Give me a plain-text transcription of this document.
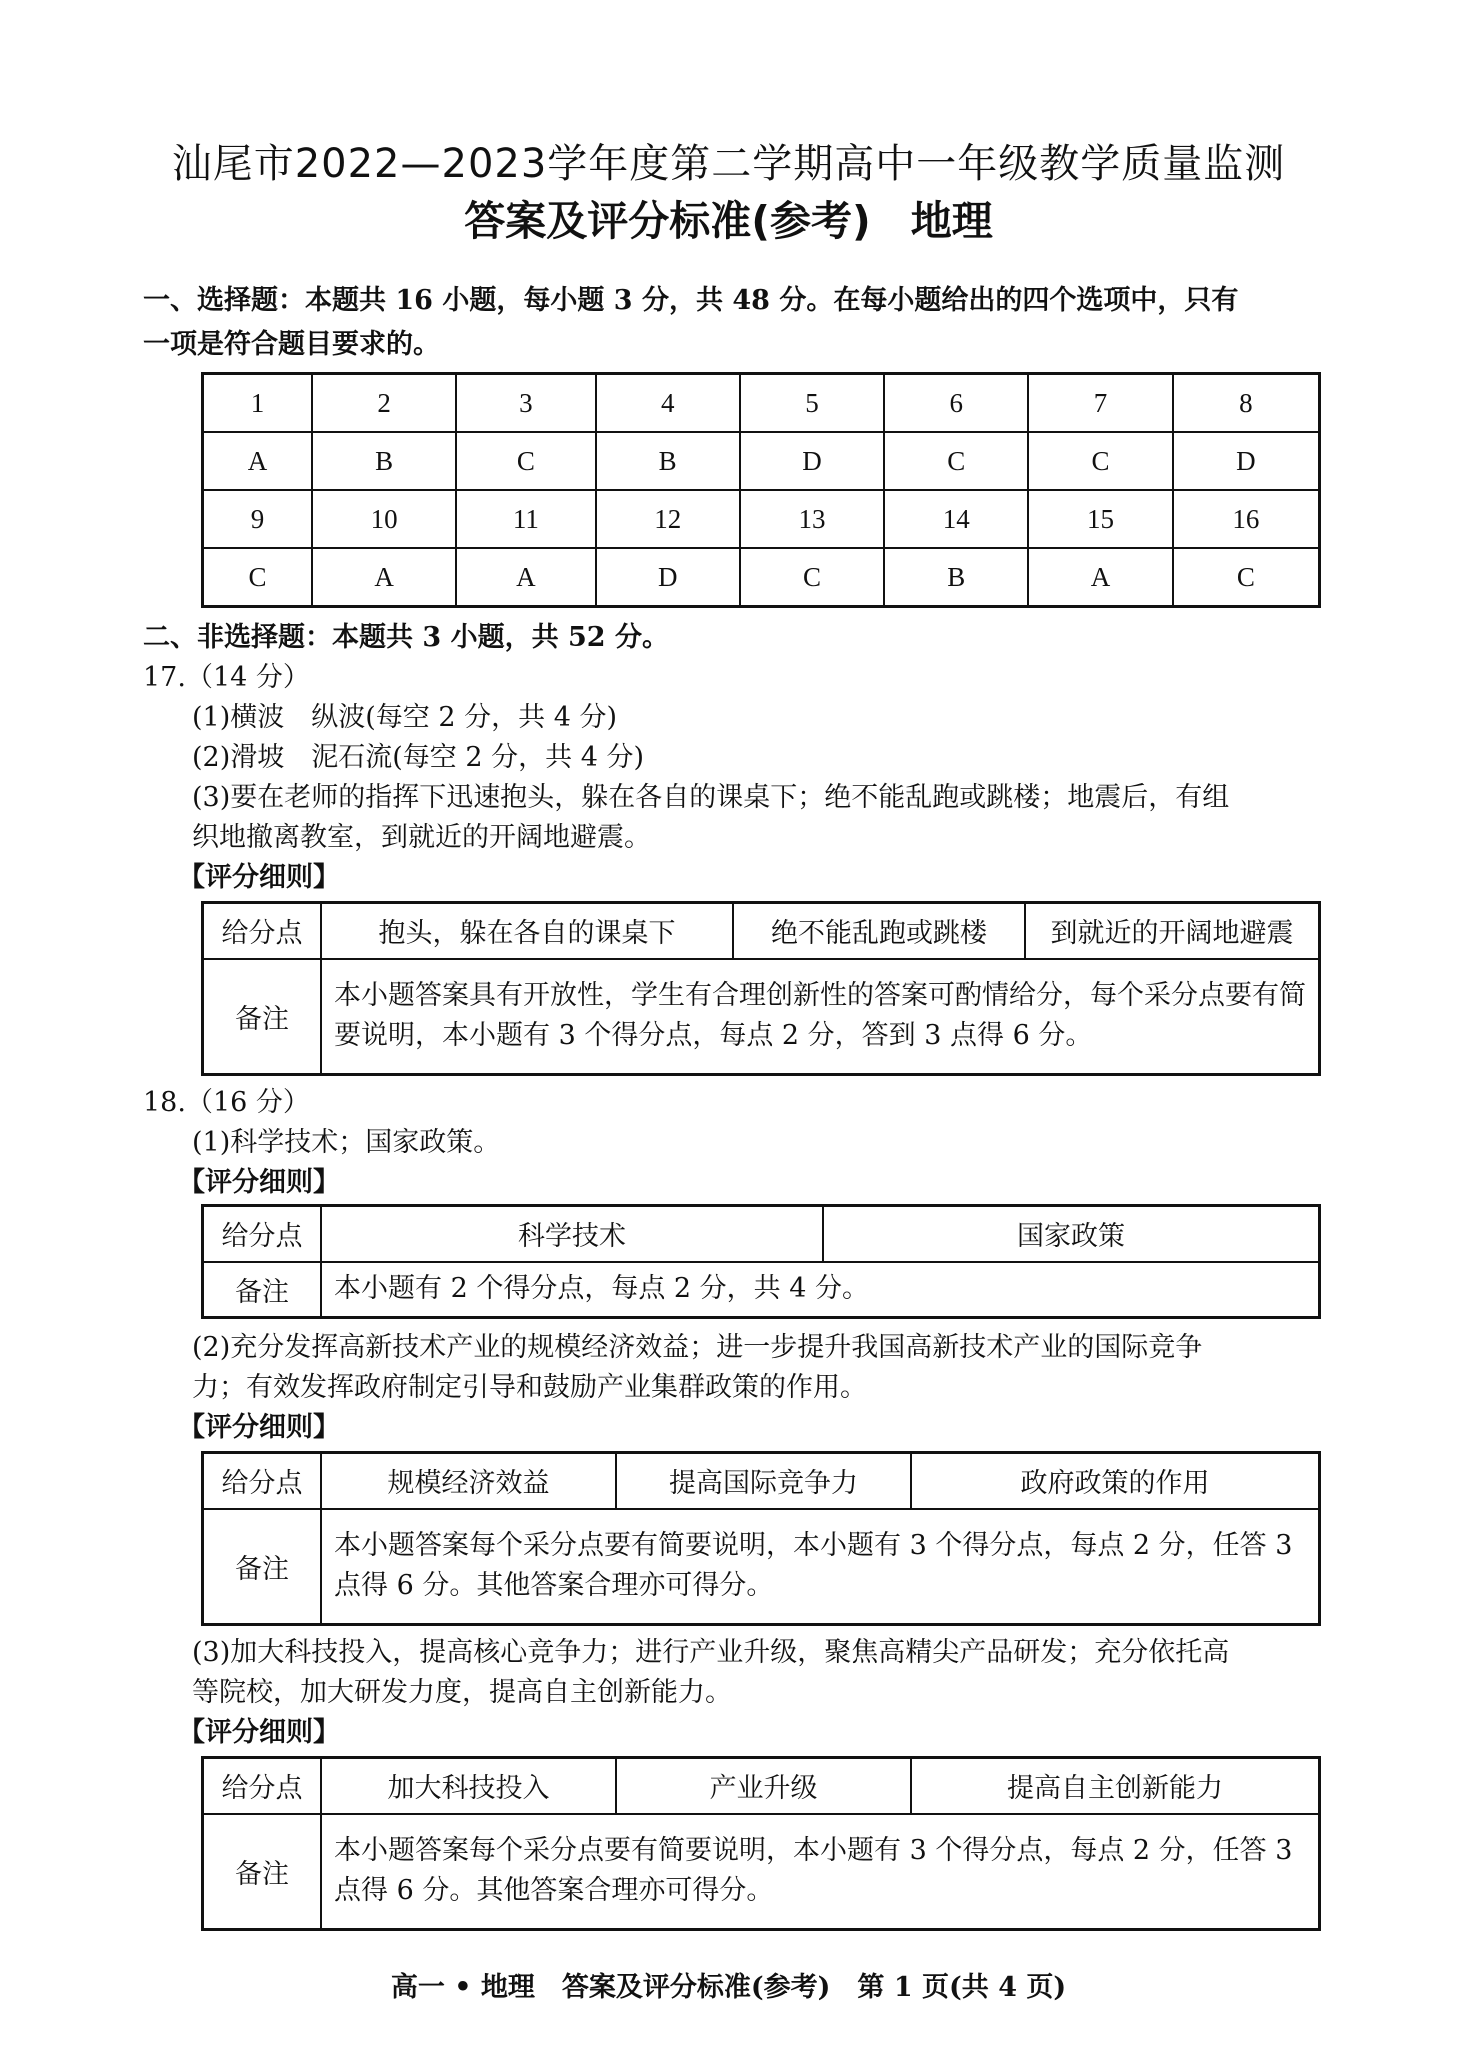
汕尾市2022—2023学年度第二学期高中一年级教学质量监测
答案及评分标准(参考) 地理
一、选择题：本题共 16 小题，每小题 3 分，共 48 分。在每小题给出的四个选项中，只有
一项是符合题目要求的。
1	2	3	4	5	6	7	8
A	B	C	B	D	C	C	D
9	10	11	12	13	14	15	16
C	A	A	D	C	B	A	C
二、非选择题：本题共 3 小题，共 52 分。
17.（14 分）
(1)横波　纵波(每空 2 分，共 4 分)
(2)滑坡　泥石流(每空 2 分，共 4 分)
(3)要在老师的指挥下迅速抱头，躲在各自的课桌下；绝不能乱跑或跳楼；地震后，有组
织地撤离教室，到就近的开阔地避震。
【评分细则】
给分点	抱头，躲在各自的课桌下	绝不能乱跑或跳楼	到就近的开阔地避震
备注	本小题答案具有开放性，学生有合理创新性的答案可酌情给分，每个采分点要有简要说明，本小题有 3 个得分点，每点 2 分，答到 3 点得 6 分。		
18.（16 分）
(1)科学技术；国家政策。
【评分细则】
给分点	科学技术	国家政策
备注	本小题有 2 个得分点，每点 2 分，共 4 分。	
(2)充分发挥高新技术产业的规模经济效益；进一步提升我国高新技术产业的国际竞争
力；有效发挥政府制定引导和鼓励产业集群政策的作用。
【评分细则】
给分点	规模经济效益	提高国际竞争力	政府政策的作用
备注	本小题答案每个采分点要有简要说明，本小题有 3 个得分点，每点 2 分，任答 3 点得 6 分。其他答案合理亦可得分。		
(3)加大科技投入，提高核心竞争力；进行产业升级，聚焦高精尖产品研发；充分依托高
等院校，加大研发力度，提高自主创新能力。
【评分细则】
给分点	加大科技投入	产业升级	提高自主创新能力
备注	本小题答案每个采分点要有简要说明，本小题有 3 个得分点，每点 2 分，任答 3 点得 6 分。其他答案合理亦可得分。		
高一 • 地理　答案及评分标准(参考)　第 1 页(共 4 页)
